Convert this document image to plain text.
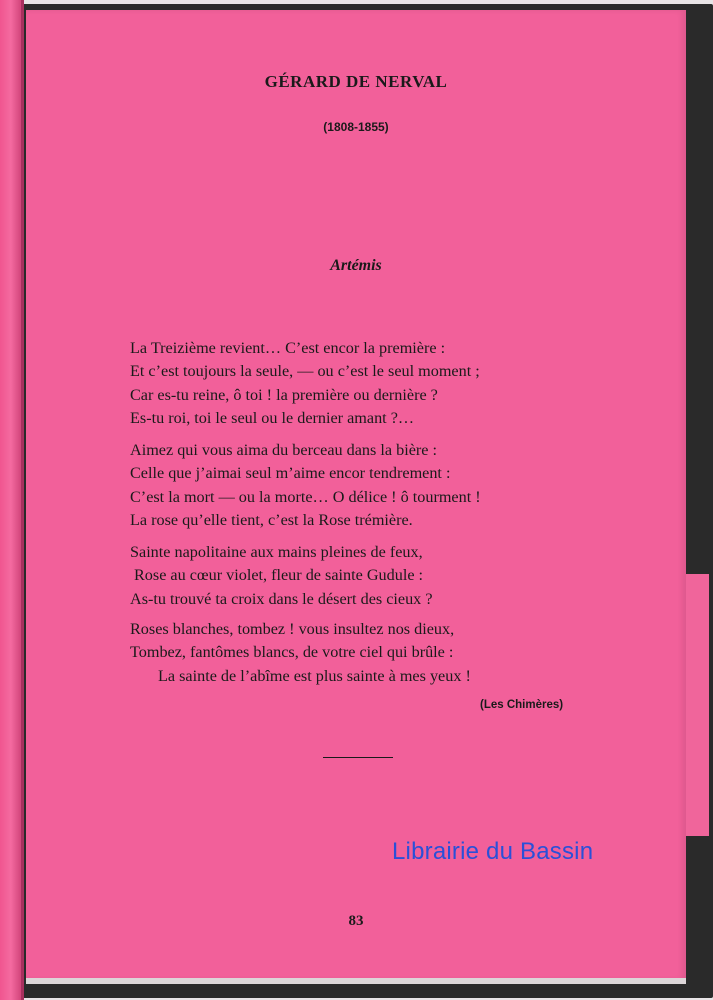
GÉRARD DE NERVAL
(1808-1855)
Artémis
La Treizième revient… C’est encor la première :
Et c’est toujours la seule, — ou c’est le seul moment ;
Car es-tu reine, ô toi ! la première ou dernière ?
Es-tu roi, toi le seul ou le dernier amant ?…
Aimez qui vous aima du berceau dans la bière :
Celle que j’aimai seul m’aime encor tendrement :
C’est la mort — ou la morte… O délice ! ô tourment !
La rose qu’elle tient, c’est la Rose trémière.
Sainte napolitaine aux mains pleines de feux,
Rose au cœur violet, fleur de sainte Gudule :
As-tu trouvé ta croix dans le désert des cieux ?
Roses blanches, tombez ! vous insultez nos dieux,
Tombez, fantômes blancs, de votre ciel qui brûle :
La sainte de l’abîme est plus sainte à mes yeux !
(Les Chimères)
83
Librairie du Bassin
